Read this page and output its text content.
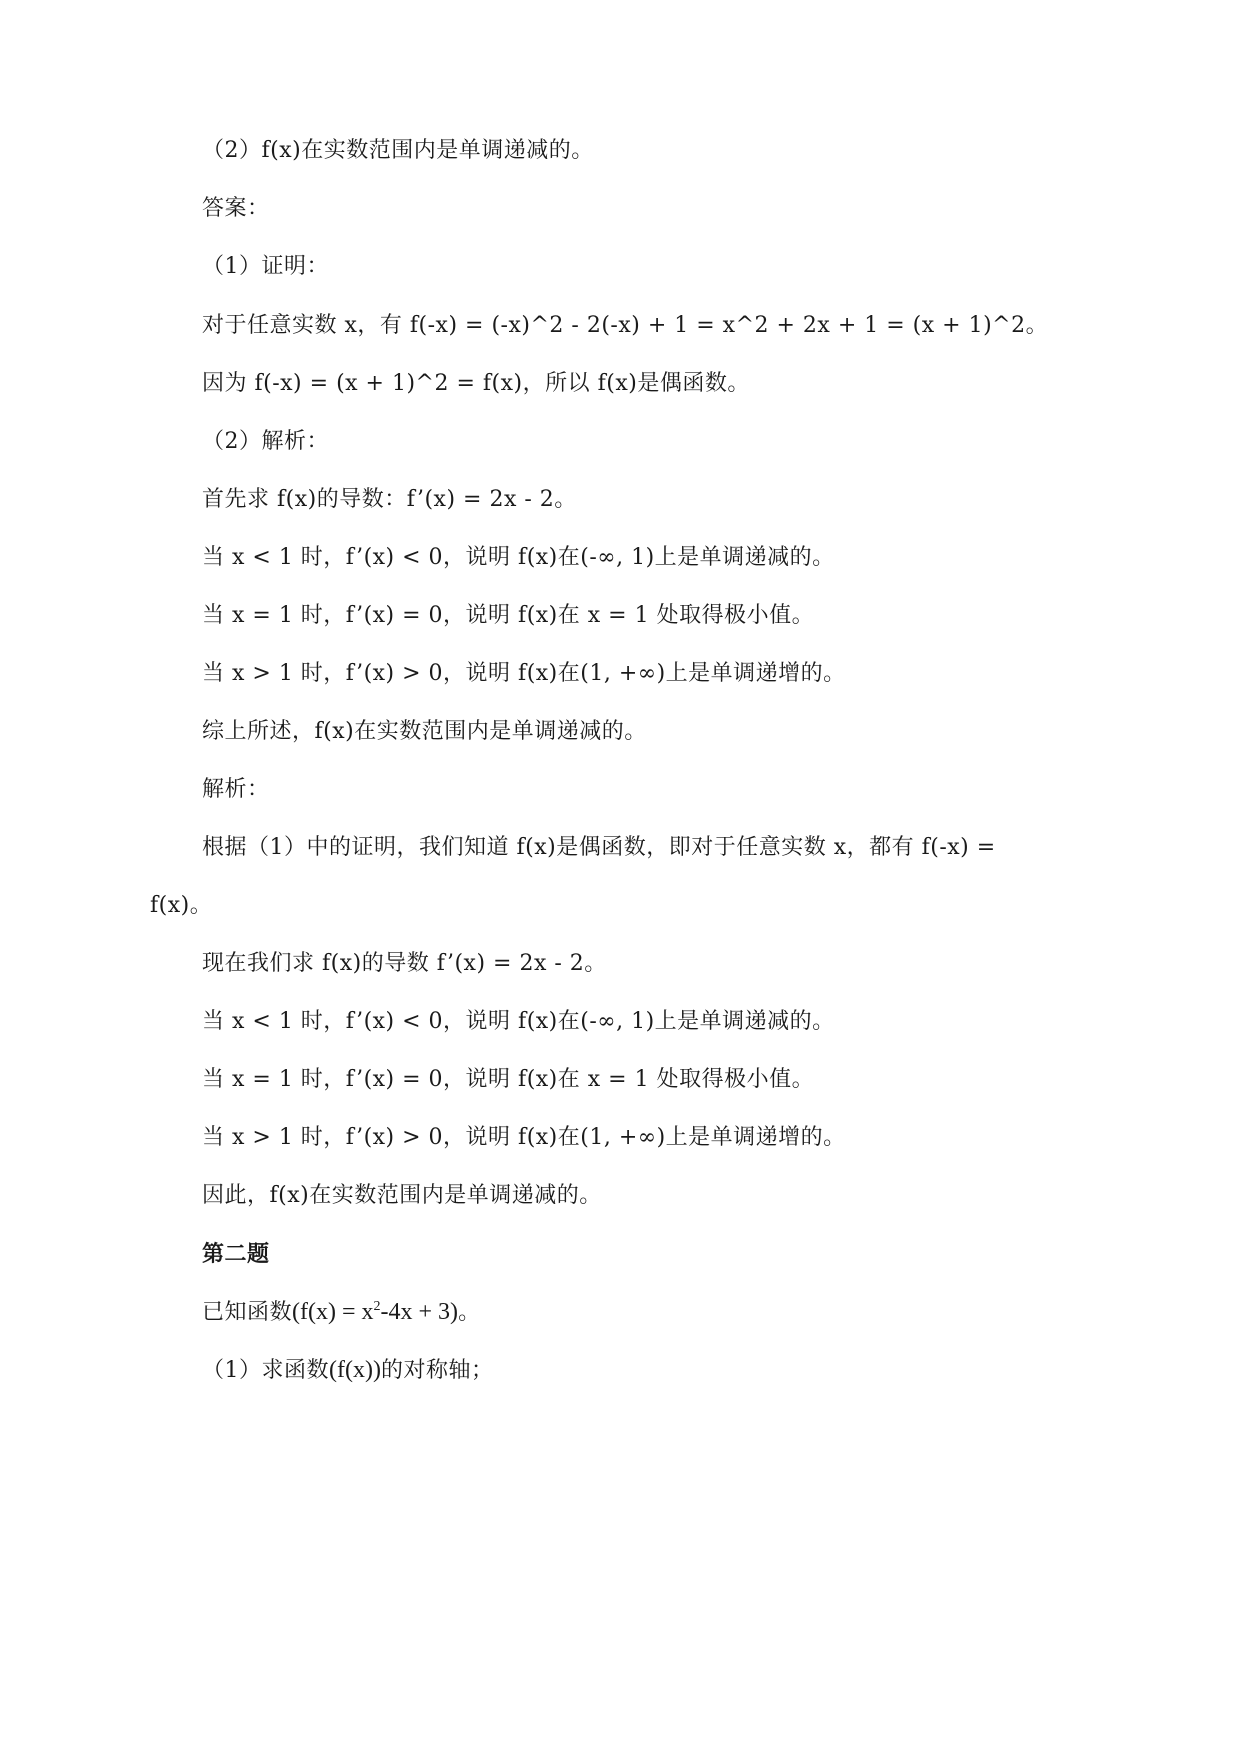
（2）f(x)在实数范围内是单调递减的。
答案：
（1）证明：
对于任意实数 x，有 f(-x) = (-x)^2 - 2(-x) + 1 = x^2 + 2x + 1 = (x + 1)^2。
因为 f(-x) = (x + 1)^2 = f(x)，所以 f(x)是偶函数。
（2）解析：
首先求 f(x)的导数：f’(x) = 2x - 2。
当 x < 1 时，f’(x) < 0，说明 f(x)在(-∞, 1)上是单调递减的。
当 x = 1 时，f’(x) = 0，说明 f(x)在 x = 1 处取得极小值。
当 x > 1 时，f’(x) > 0，说明 f(x)在(1, +∞)上是单调递增的。
综上所述，f(x)在实数范围内是单调递减的。
解析：
根据（1）中的证明，我们知道 f(x)是偶函数，即对于任意实数 x，都有 f(-x) =
f(x)。
现在我们求 f(x)的导数 f’(x) = 2x - 2。
当 x < 1 时，f’(x) < 0，说明 f(x)在(-∞, 1)上是单调递减的。
当 x = 1 时，f’(x) = 0，说明 f(x)在 x = 1 处取得极小值。
当 x > 1 时，f’(x) > 0，说明 f(x)在(1, +∞)上是单调递增的。
因此，f(x)在实数范围内是单调递减的。
第二题
已知函数$(f(x) = x^2-4x + 3)$。
（1）求函数(f(x))的对称轴；
